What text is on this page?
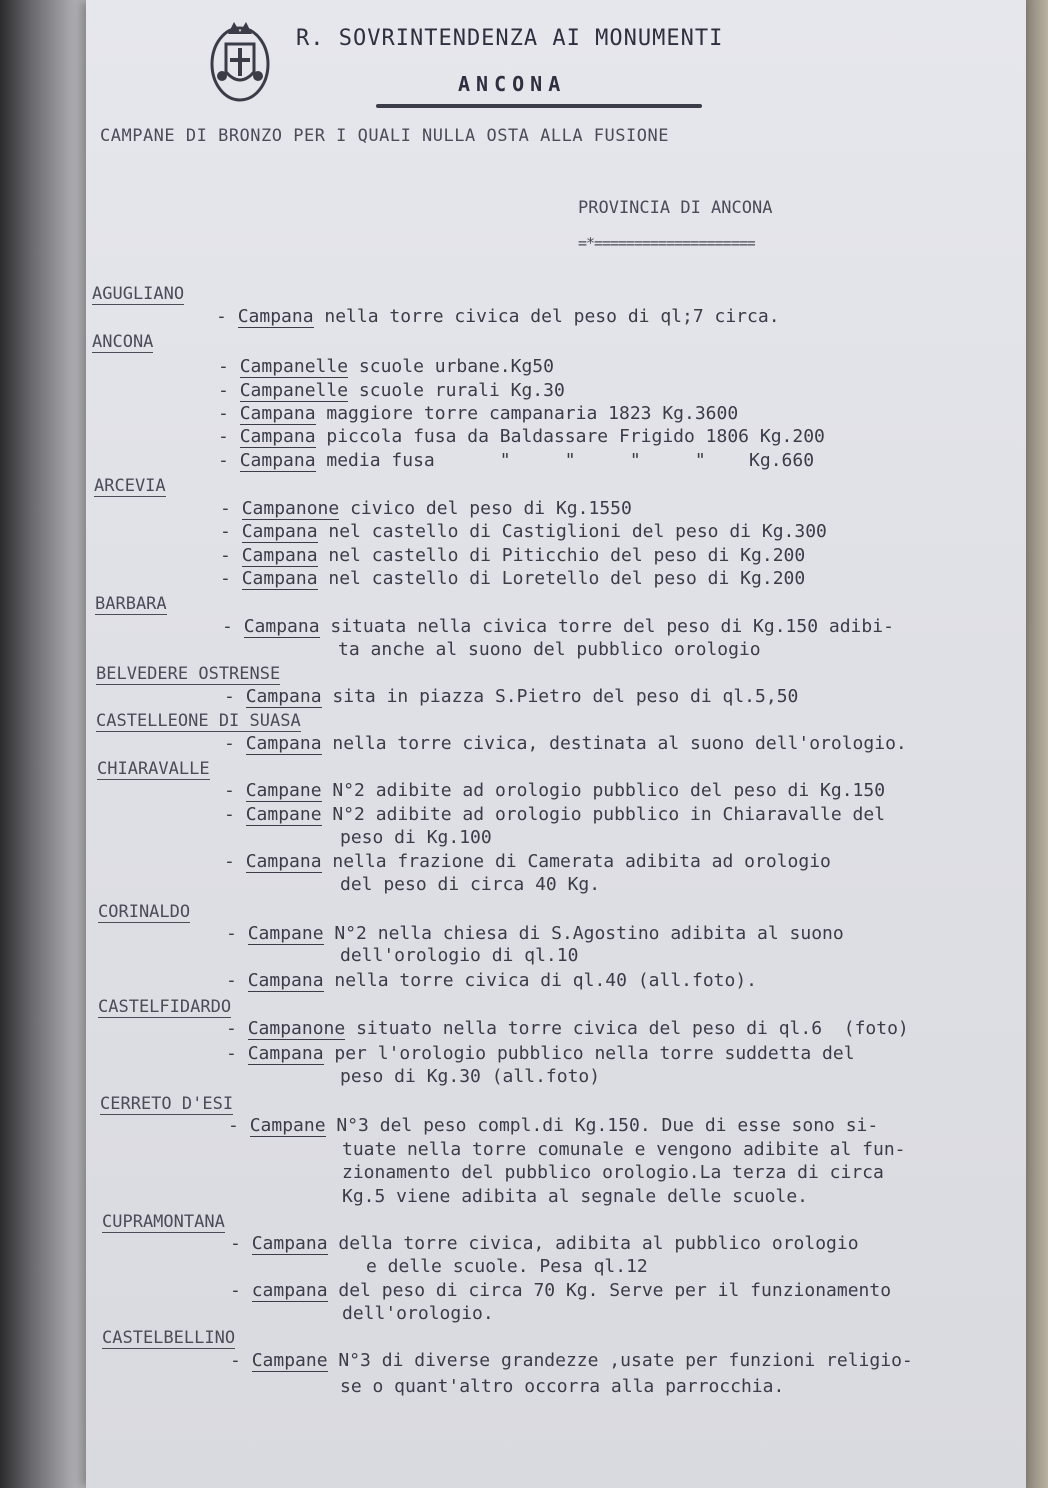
R. SOVRINTENDENZA AI MONUMENTI
ANCONA
CAMPANE DI BRONZO PER I QUALI NULLA OSTA ALLA FUSIONE
PROVINCIA DI ANCONA
=*====================
AGUGLIANO
- Campana nella torre civica del peso di ql;7 circa.
ANCONA
- Campanelle scuole urbane.Kg50
- Campanelle scuole rurali Kg.30
- Campana maggiore torre campanaria 1823 Kg.3600
- Campana piccola fusa da Baldassare Frigido 1806 Kg.200
- Campana media fusa      "     "     "     "    Kg.660
ARCEVIA
- Campanone civico del peso di Kg.1550
- Campana nel castello di Castiglioni del peso di Kg.300
- Campana nel castello di Piticchio del peso di Kg.200
- Campana nel castello di Loretello del peso di Kg.200
BARBARA
- Campana situata nella civica torre del peso di Kg.150 adibi-
ta anche al suono del pubblico orologio
BELVEDERE OSTRENSE
- Campana sita in piazza S.Pietro del peso di ql.5,50
CASTELLEONE DI SUASA
- Campana nella torre civica, destinata al suono dell'orologio.
CHIARAVALLE
- Campane N°2 adibite ad orologio pubblico del peso di Kg.150
- Campane N°2 adibite ad orologio pubblico in Chiaravalle del
peso di Kg.100
- Campana nella frazione di Camerata adibita ad orologio
del peso di circa 40 Kg.
CORINALDO
- Campane N°2 nella chiesa di S.Agostino adibita al suono
dell'orologio di ql.10
- Campana nella torre civica di ql.40 (all.foto).
CASTELFIDARDO
- Campanone situato nella torre civica del peso di ql.6  (foto)
- Campana per l'orologio pubblico nella torre suddetta del
peso di Kg.30 (all.foto)
CERRETO D'ESI
- Campane N°3 del peso compl.di Kg.150. Due di esse sono si-
tuate nella torre comunale e vengono adibite al fun-
zionamento del pubblico orologio.La terza di circa
Kg.5 viene adibita al segnale delle scuole.
CUPRAMONTANA
- Campana della torre civica, adibita al pubblico orologio
e delle scuole. Pesa ql.12
- campana del peso di circa 70 Kg. Serve per il funzionamento
dell'orologio.
CASTELBELLINO
- Campane N°3 di diverse grandezze ,usate per funzioni religio-
se o quant'altro occorra alla parrocchia.
